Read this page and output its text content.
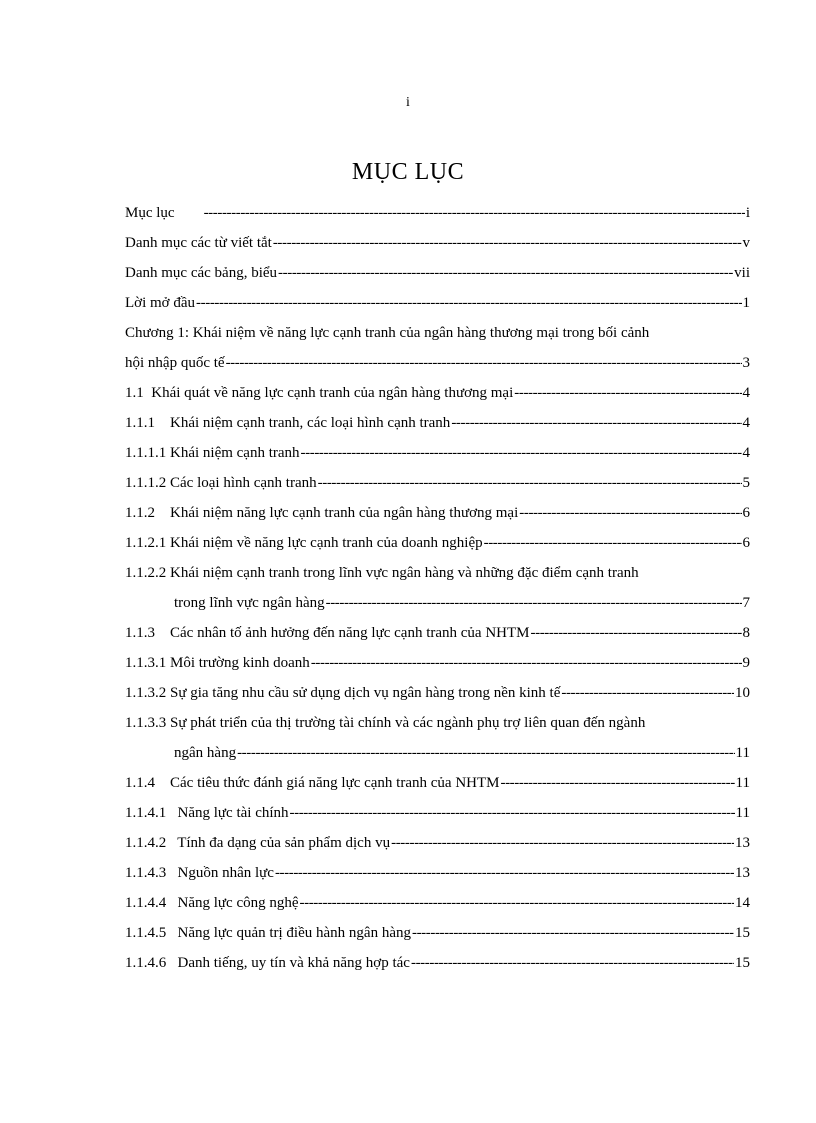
i
MỤC LỤC
Mục lục -----	i
Danh mục các từ viết tắt -----	v
Danh mục các bảng, biểu -----	vii
Lời mở đầu -----	1
Chương 1: Khái niệm về năng lực cạnh tranh của ngân hàng thương mại trong bối cảnh
hội nhập quốc tế -----	3
1.1  Khái quát về năng lực cạnh tranh của ngân hàng thương mại -----	4
1.1.1    Khái niệm cạnh tranh, các loại hình cạnh tranh -----	4
1.1.1.1 Khái niệm cạnh tranh -----	4
1.1.1.2 Các loại hình cạnh tranh -----	5
1.1.2    Khái niệm năng lực cạnh tranh của ngân hàng thương mại -----	6
1.1.2.1 Khái niệm về năng lực cạnh tranh của doanh nghiệp -----	6
1.1.2.2 Khái niệm cạnh tranh trong lĩnh vực ngân hàng và những đặc điểm cạnh tranh
trong lĩnh vực ngân hàng -----	7
1.1.3    Các nhân tố ảnh hưởng đến năng lực cạnh tranh của NHTM -----	8
1.1.3.1 Môi trường kinh doanh -----	9
1.1.3.2 Sự gia tăng nhu cầu sử dụng dịch vụ ngân hàng trong nền kinh tế -----	10
1.1.3.3 Sự phát triển của thị trường tài chính và các ngành phụ trợ liên quan đến ngành
ngân hàng -----	11
1.1.4    Các tiêu thức đánh giá năng lực cạnh tranh của NHTM -----	11
1.1.4.1   Năng lực tài chính -----	11
1.1.4.2   Tính đa dạng của sản phẩm dịch vụ -----	13
1.1.4.3   Nguồn nhân lực -----	13
1.1.4.4   Năng lực công nghệ -----	14
1.1.4.5   Năng lực quản trị điều hành ngân hàng -----	15
1.1.4.6   Danh tiếng, uy tín và khả năng hợp tác -----	15
